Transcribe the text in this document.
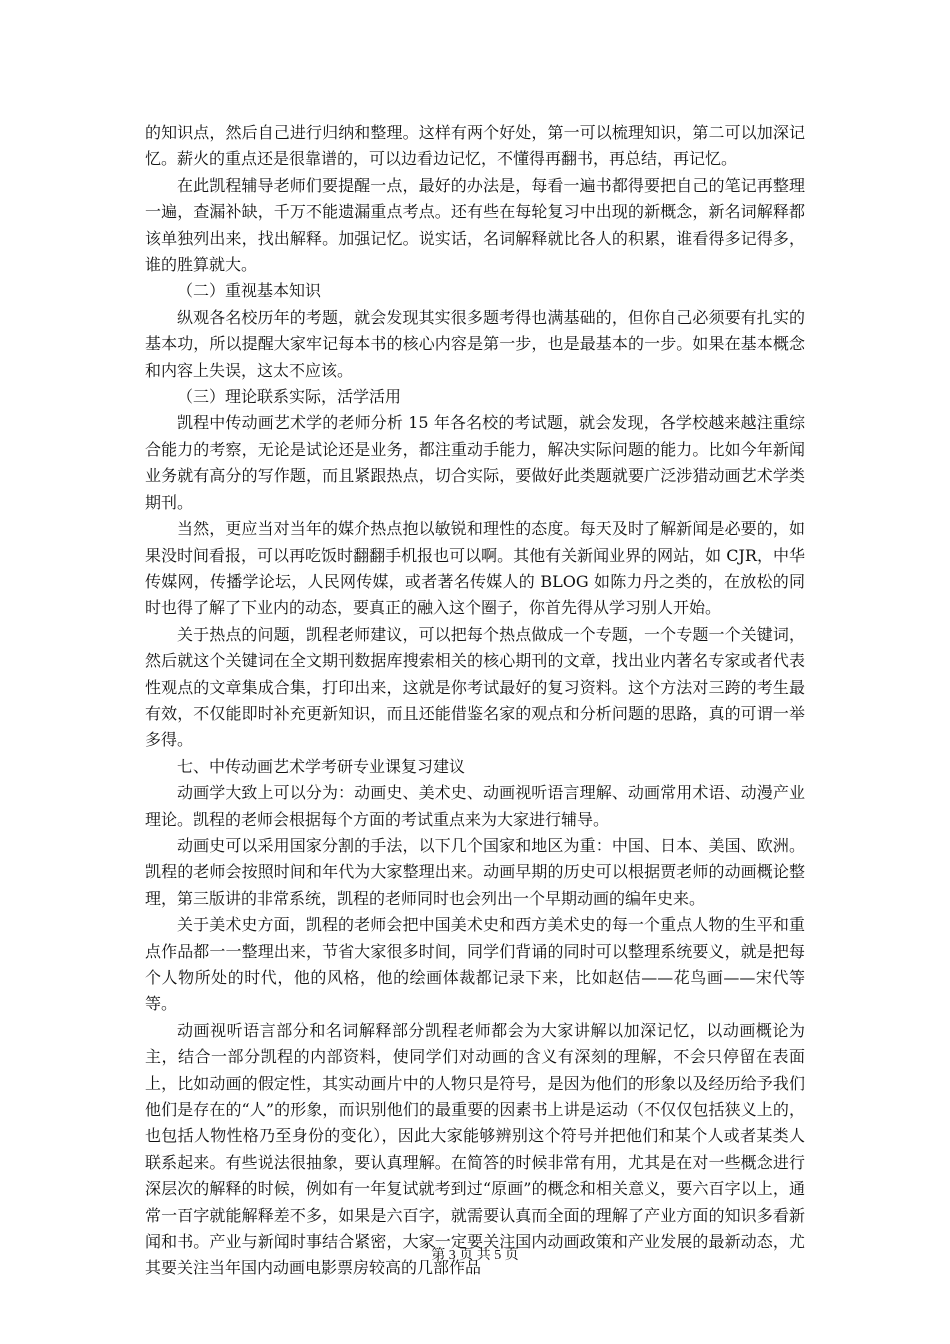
的知识点，然后自己进行归纳和整理。这样有两个好处，第一可以梳理知识，第二可以加深记忆。薪火的重点还是很靠谱的，可以边看边记忆，不懂得再翻书，再总结，再记忆。

在此凯程辅导老师们要提醒一点，最好的办法是，每看一遍书都得要把自己的笔记再整理一遍，查漏补缺，千万不能遗漏重点考点。还有些在每轮复习中出现的新概念，新名词解释都该单独列出来，找出解释。加强记忆。说实话，名词解释就比各人的积累，谁看得多记得多，谁的胜算就大。

（二）重视基本知识

纵观各名校历年的考题，就会发现其实很多题考得也满基础的，但你自己必须要有扎实的基本功，所以提醒大家牢记每本书的核心内容是第一步，也是最基本的一步。如果在基本概念和内容上失误，这太不应该。

（三）理论联系实际，活学活用

凯程中传动画艺术学的老师分析 15 年各名校的考试题，就会发现，各学校越来越注重综合能力的考察，无论是试论还是业务，都注重动手能力，解决实际问题的能力。比如今年新闻业务就有高分的写作题，而且紧跟热点，切合实际，要做好此类题就要广泛涉猎动画艺术学类期刊。

当然，更应当对当年的媒介热点抱以敏锐和理性的态度。每天及时了解新闻是必要的，如果没时间看报，可以再吃饭时翻翻手机报也可以啊。其他有关新闻业界的网站，如 CJR，中华传媒网，传播学论坛，人民网传媒，或者著名传媒人的 BLOG 如陈力丹之类的，在放松的同时也得了解了下业内的动态，要真正的融入这个圈子，你首先得从学习别人开始。

关于热点的问题，凯程老师建议，可以把每个热点做成一个专题，一个专题一个关键词，然后就这个关键词在全文期刊数据库搜索相关的核心期刊的文章，找出业内著名专家或者代表性观点的文章集成合集，打印出来，这就是你考试最好的复习资料。这个方法对三跨的考生最有效，不仅能即时补充更新知识，而且还能借鉴名家的观点和分析问题的思路，真的可谓一举多得。

七、中传动画艺术学考研专业课复习建议

动画学大致上可以分为：动画史、美术史、动画视听语言理解、动画常用术语、动漫产业理论。凯程的老师会根据每个方面的考试重点来为大家进行辅导。

动画史可以采用国家分割的手法，以下几个国家和地区为重：中国、日本、美国、欧洲。凯程的老师会按照时间和年代为大家整理出来。动画早期的历史可以根据贾老师的动画概论整理，第三版讲的非常系统，凯程的老师同时也会列出一个早期动画的编年史来。

关于美术史方面，凯程的老师会把中国美术史和西方美术史的每一个重点人物的生平和重点作品都一一整理出来，节省大家很多时间，同学们背诵的同时可以整理系统要义，就是把每个人物所处的时代，他的风格，他的绘画体裁都记录下来，比如赵佶——花鸟画——宋代等等。

动画视听语言部分和名词解释部分凯程老师都会为大家讲解以加深记忆，以动画概论为主，结合一部分凯程的内部资料，使同学们对动画的含义有深刻的理解，不会只停留在表面上，比如动画的假定性，其实动画片中的人物只是符号，是因为他们的形象以及经历给予我们他们是存在的“人”的形象，而识别他们的最重要的因素书上讲是运动（不仅仅包括狭义上的，也包括人物性格乃至身份的变化），因此大家能够辨别这个符号并把他们和某个人或者某类人联系起来。有些说法很抽象，要认真理解。在简答的时候非常有用，尤其是在对一些概念进行深层次的解释的时候，例如有一年复试就考到过“原画”的概念和相关意义，要六百字以上，通常一百字就能解释差不多，如果是六百字，就需要认真而全面的理解了产业方面的知识多看新闻和书。产业与新闻时事结合紧密，大家一定要关注国内动画政策和产业发展的最新动态，尤其要关注当年国内动画电影票房较高的几部作品

第 3 页 共 5 页
